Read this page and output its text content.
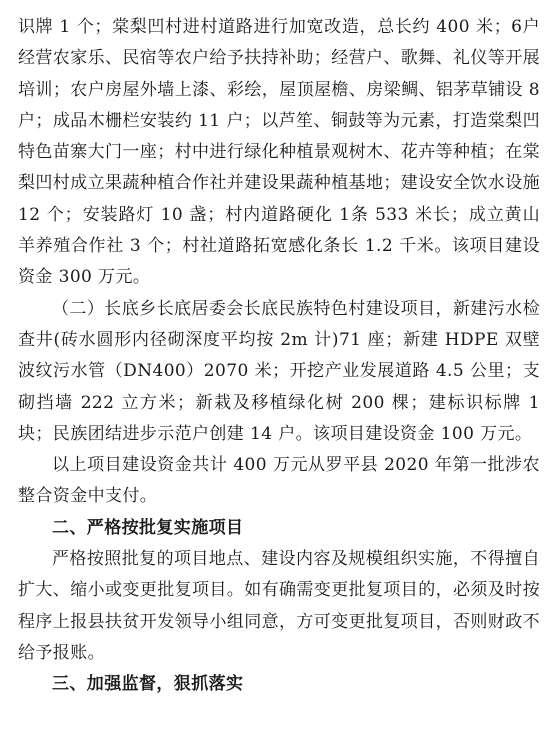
识牌 1 个；棠梨凹村进村道路进行加宽改造，总长约 400 米；6户经营农家乐、民宿等农户给予扶持补助；经营户、歌舞、礼仪等开展培训；农户房屋外墙上漆、彩绘，屋顶屋檐、房梁鲷、铝茅草铺设 8 户；成品木栅栏安装约 11 户；以芦笙、铜鼓等为元素，打造棠梨凹特色苗寨大门一座；村中进行绿化种植景观树木、花卉等种植；在棠梨凹村成立果蔬种植合作社并建设果蔬种植基地；建设安全饮水设施 12 个；安装路灯 10 盏；村内道路硬化 1条 533 米长；成立黄山羊养殖合作社 3 个；村社道路拓宽感化条长 1.2 千米。该项目建设资金 300 万元。

（二）长底乡长底居委会长底民族特色村建设项目，新建污水检查井(砖水圆形内径砌深度平均按 2m 计)71 座；新建 HDPE 双壁波纹污水管（DN400）2070 米；开挖产业发展道路 4.5 公里；支砌挡墙 222 立方米；新栽及移植绿化树 200 棵；建标识标牌 1块；民族团结进步示范户创建 14 户。该项目建设资金 100 万元。

以上项目建设资金共计 400 万元从罗平县 2020 年第一批涉农整合资金中支付。

二、严格按批复实施项目

严格按照批复的项目地点、建设内容及规模组织实施，不得擅自扩大、缩小或变更批复项目。如有确需变更批复项目的，必须及时按程序上报县扶贫开发领导小组同意，方可变更批复项目，否则财政不给予报账。

三、加强监督，狠抓落实
